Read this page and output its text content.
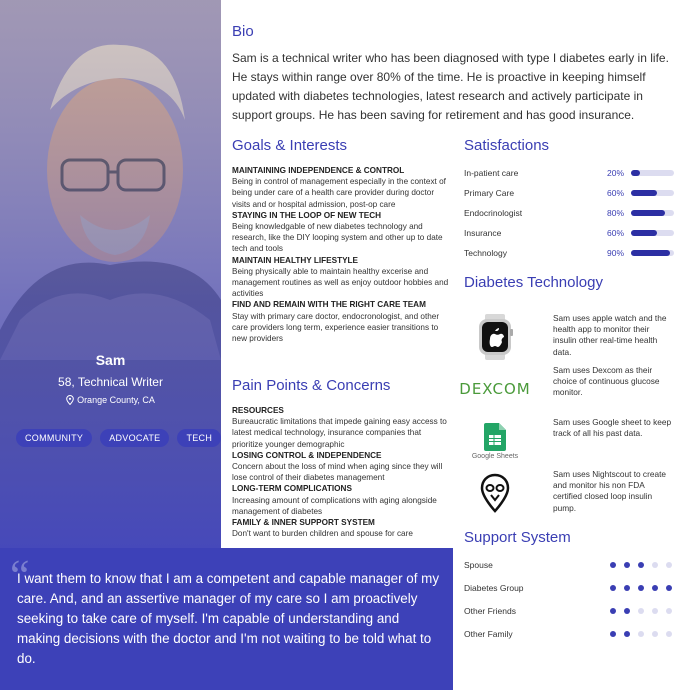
Sam
58, Technical Writer
Orange County, CA
COMMUNITY	ADVOCATE	TECH
Bio
Sam is a technical writer who has been diagnosed with type I diabetes early in life. He stays within range over 80% of the time. He is proactive in keeping himself updated with diabetes technologies, latest research and actively participate in support groups. He has been saving for retirement and has good insurance.
Goals & Interests
MAINTAINING INDEPENDENCE & CONTROL
Being in control of management especially in the context of being under care of a health care provider during doctor visits and or hospital admission, post-op care
STAYING IN THE LOOP OF NEW TECH
Being knowledgable of new diabetes technology and research, like the DIY looping system and other up to date tech and tools
MAINTAIN HEALTHY LIFESTYLE
Being physically able to maintain healthy excerise and management routines as well as enjoy outdoor hobbies and activities
FIND AND REMAIN WITH THE RIGHT CARE TEAM
Stay with primary care doctor, endocronologist, and other care providers long term, experience easier transitions to new providers
Pain Points & Concerns
RESOURCES
Bureaucratic limitations that impede gaining easy access to latest medical technology, insurance companies that prioritize younger demographic
LOSING CONTROL & INDEPENDENCE
Concern about the loss of mind when aging since they will lose control of their diabetes management
LONG-TERM COMPLICATIONS
Increasing amount of complications with aging alongside management of diabetes
FAMILY & INNER SUPPORT SYSTEM
Don't want to burden children and spouse for care
Satisfactions
In-patient care	20%
Primary Care	60%
Endocrinologist	80%
Insurance	60%
Technology	90%
Diabetes Technology
Sam uses apple watch and the health app to monitor their insulin other real-time health data.
DEXCOM
Sam uses Dexcom as their choice of continuous glucose monitor.
Google Sheets
Sam uses Google sheet to keep track of all his past data.
Sam uses Nightscout to create and monitor his non FDA certified closed loop insulin pump.
Support System
Spouse
Diabetes Group
Other Friends
Other Family
“
I want them to know that I am a competent and capable manager of my care. And, and an assertive manager of my care so I am proactively seeking to take care of myself. I'm capable of understanding and making decisions with the doctor and I'm not waiting to be told what to do.
